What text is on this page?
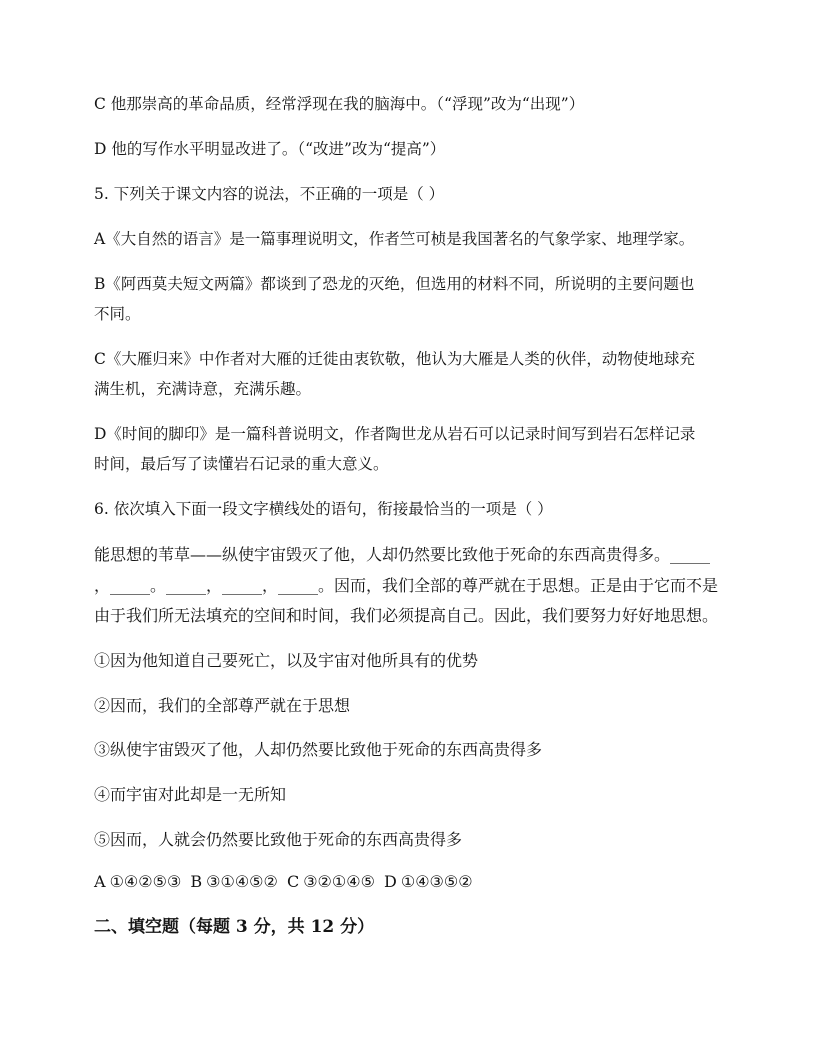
C 他那崇高的革命品质，经常浮现在我的脑海中。（“浮现”改为“出现”）
D 他的写作水平明显改进了。（“改进”改为“提高”）
5. 下列关于课文内容的说法，不正确的一项是（ ）
A《大自然的语言》是一篇事理说明文，作者竺可桢是我国著名的气象学家、地理学家。
B《阿西莫夫短文两篇》都谈到了恐龙的灭绝，但选用的材料不同，所说明的主要问题也
不同。
C《大雁归来》中作者对大雁的迁徙由衷钦敬，他认为大雁是人类的伙伴，动物使地球充
满生机，充满诗意，充满乐趣。
D《时间的脚印》是一篇科普说明文，作者陶世龙从岩石可以记录时间写到岩石怎样记录
时间，最后写了读懂岩石记录的重大意义。
6. 依次填入下面一段文字横线处的语句，衔接最恰当的一项是（ ）
能思想的苇草——纵使宇宙毁灭了他，人却仍然要比致他于死命的东西高贵得多。_____
，_____。_____，_____，_____。因而，我们全部的尊严就在于思想。正是由于它而不是
由于我们所无法填充的空间和时间，我们必须提高自己。因此，我们要努力好好地思想。
①因为他知道自己要死亡，以及宇宙对他所具有的优势
②因而，我们的全部尊严就在于思想
③纵使宇宙毁灭了他，人却仍然要比致他于死命的东西高贵得多
④而宇宙对此却是一无所知
⑤因而，人就会仍然要比致他于死命的东西高贵得多
A ①④②⑤③ B ③①④⑤② C ③②①④⑤ D ①④③⑤②
二、填空题（每题 3 分，共 12 分）
